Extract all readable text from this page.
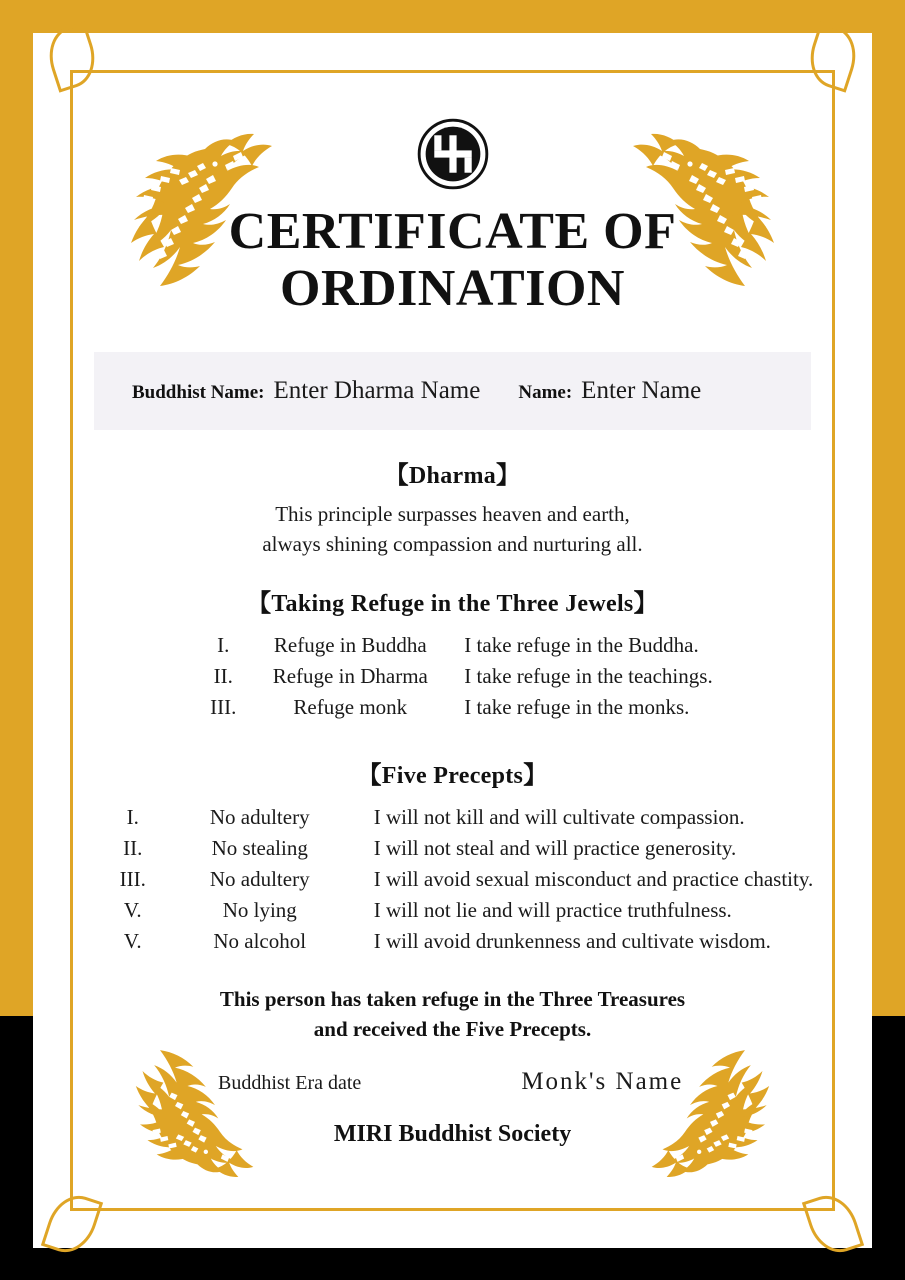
CERTIFICATE OF
ORDINATION
Buddhist Name: Enter Dharma Name Name: Enter Name
【Dharma】
This principle surpasses heaven and earth,
always shining compassion and nurturing all.
【Taking Refuge in the Three Jewels】
I.	Refuge in Buddha	I take refuge in the Buddha.
II.	Refuge in Dharma	I take refuge in the teachings.
III.	Refuge monk	I take refuge in the monks.
【Five Precepts】
I.	No adultery	I will not kill and will cultivate compassion.
II.	No stealing	I will not steal and will practice generosity.
III.	No adultery	I will avoid sexual misconduct and practice chastity.
V.	No lying	I will not lie and will practice truthfulness.
V.	No alcohol	I will avoid drunkenness and cultivate wisdom.
This person has taken refuge in the Three Treasures
and received the Five Precepts.
Buddhist Era date	Monk's Name
MIRI Buddhist Society
